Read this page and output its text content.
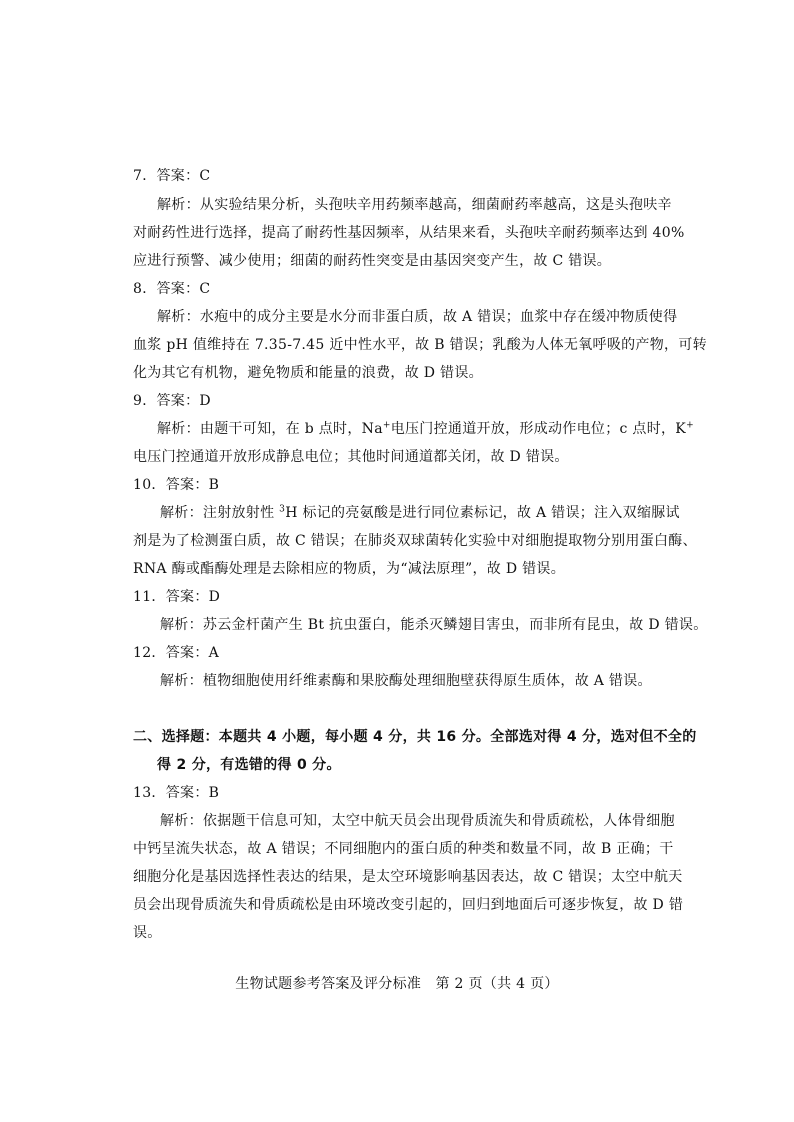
7．答案：C
解析：从实验结果分析，头孢呋辛用药频率越高，细菌耐药率越高，这是头孢呋辛
对耐药性进行选择，提高了耐药性基因频率，从结果来看，头孢呋辛耐药频率达到 40%
应进行预警、减少使用；细菌的耐药性突变是由基因突变产生，故 C 错误。
8．答案：C
解析：水疱中的成分主要是水分而非蛋白质，故 A 错误；血浆中存在缓冲物质使得
血浆 pH 值维持在 7.35-7.45 近中性水平，故 B 错误；乳酸为人体无氧呼吸的产物，可转
化为其它有机物，避免物质和能量的浪费，故 D 错误。
9．答案：D
解析：由题干可知，在 b 点时，Na+电压门控通道开放，形成动作电位；c 点时，K+
电压门控通道开放形成静息电位；其他时间通道都关闭，故 D 错误。
10．答案：B
解析：注射放射性 $^3$H 标记的亮氨酸是进行同位素标记，故 A 错误；注入双缩脲试
剂是为了检测蛋白质，故 C 错误；在肺炎双球菌转化实验中对细胞提取物分别用蛋白酶、
RNA 酶或酯酶处理是去除相应的物质，为“减法原理”，故 D 错误。
11．答案：D
解析：苏云金杆菌产生 Bt 抗虫蛋白，能杀灭鳞翅目害虫，而非所有昆虫，故 D 错误。
12．答案：A
解析：植物细胞使用纤维素酶和果胶酶处理细胞壁获得原生质体，故 A 错误。
二、选择题：本题共 4 小题，每小题 4 分，共 16 分。全部选对得 4 分，选对但不全的
得 2 分，有选错的得 0 分。
13．答案：B
解析：依据题干信息可知，太空中航天员会出现骨质流失和骨质疏松，人体骨细胞
中钙呈流失状态，故 A 错误；不同细胞内的蛋白质的种类和数量不同，故 B 正确；干
细胞分化是基因选择性表达的结果，是太空环境影响基因表达，故 C 错误；太空中航天
员会出现骨质流失和骨质疏松是由环境改变引起的，回归到地面后可逐步恢复，故 D 错
误。
生物试题参考答案及评分标准　第 2 页（共 4 页）
